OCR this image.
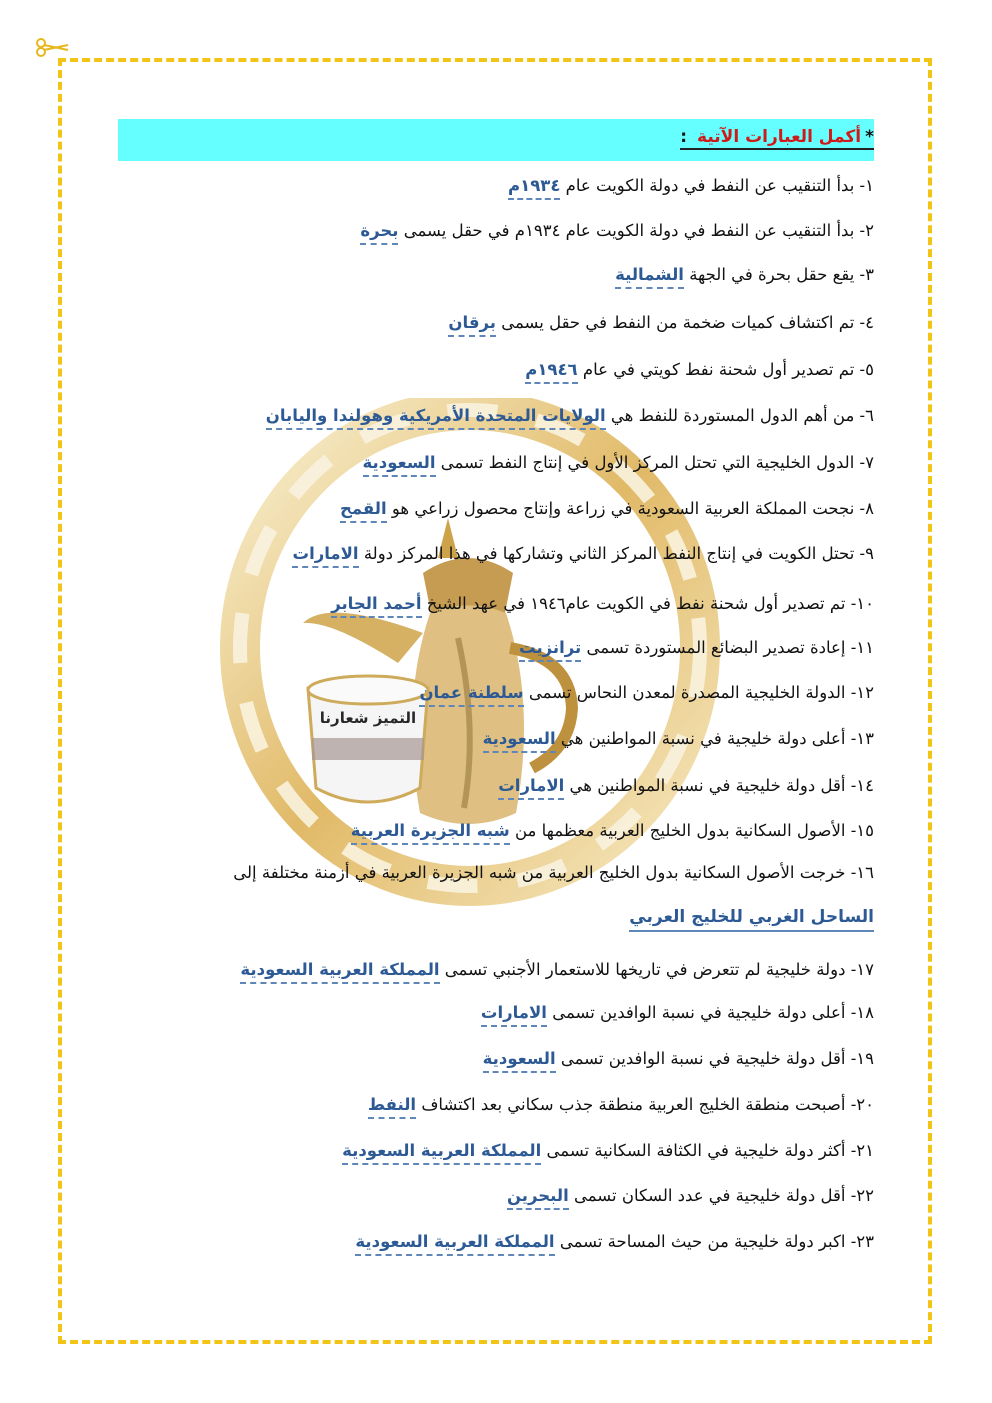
التميز شعارنا
*أكمل العبارات الآتية :
١- بدأ التنقيب عن النفط في دولة الكويت عام ١٩٣٤م
٢- بدأ التنقيب عن النفط في دولة الكويت عام ١٩٣٤م في حقل يسمى بحرة
٣- يقع حقل بحرة في الجهة الشمالية
٤- تم اكتشاف كميات ضخمة من النفط في حقل يسمى برقان
٥- تم تصدير أول شحنة نفط كويتي في عام ١٩٤٦م
٦- من أهم الدول المستوردة للنفط هي الولايات المتحدة الأمريكية وهولندا واليابان
٧- الدول الخليجية التي تحتل المركز الأول في إنتاج النفط تسمى السعودية
٨- نجحت المملكة العربية السعودية في زراعة وإنتاج محصول زراعي هو القمح
٩- تحتل الكويت في إنتاج النفط المركز الثاني وتشاركها في هذا المركز دولة الامارات
١٠- تم تصدير أول شحنة نفط في الكويت عام١٩٤٦ في عهد الشيخ أحمد الجابر
١١- إعادة تصدير البضائع المستوردة تسمى ترانزيت
١٢- الدولة الخليجية المصدرة لمعدن النحاس تسمى سلطنة عمان
١٣- أعلى دولة خليجية في نسبة المواطنين هي السعودية
١٤- أقل دولة خليجية في نسبة المواطنين هي الامارات
١٥- الأصول السكانية بدول الخليج العربية معظمها من شبه الجزيرة العربية
١٦- خرجت الأصول السكانية بدول الخليج العربية من شبه الجزيرة العربية في أزمنة مختلفة إلى
١٧- دولة خليجية لم تتعرض في تاريخها للاستعمار الأجنبي تسمى المملكة العربية السعودية
١٨- أعلى دولة خليجية في نسبة الوافدين تسمى الامارات
١٩- أقل دولة خليجية في نسبة الوافدين تسمى السعودية
٢٠- أصبحت منطقة الخليج العربية منطقة جذب سكاني بعد اكتشاف النفط
٢١- أكثر دولة خليجية في الكثافة السكانية تسمى المملكة العربية السعودية
٢٢- أقل دولة خليجية في عدد السكان تسمى البحرين
٢٣- اكبر دولة خليجية من حيث المساحة تسمى المملكة العربية السعودية
الساحل الغربي للخليج العربي
